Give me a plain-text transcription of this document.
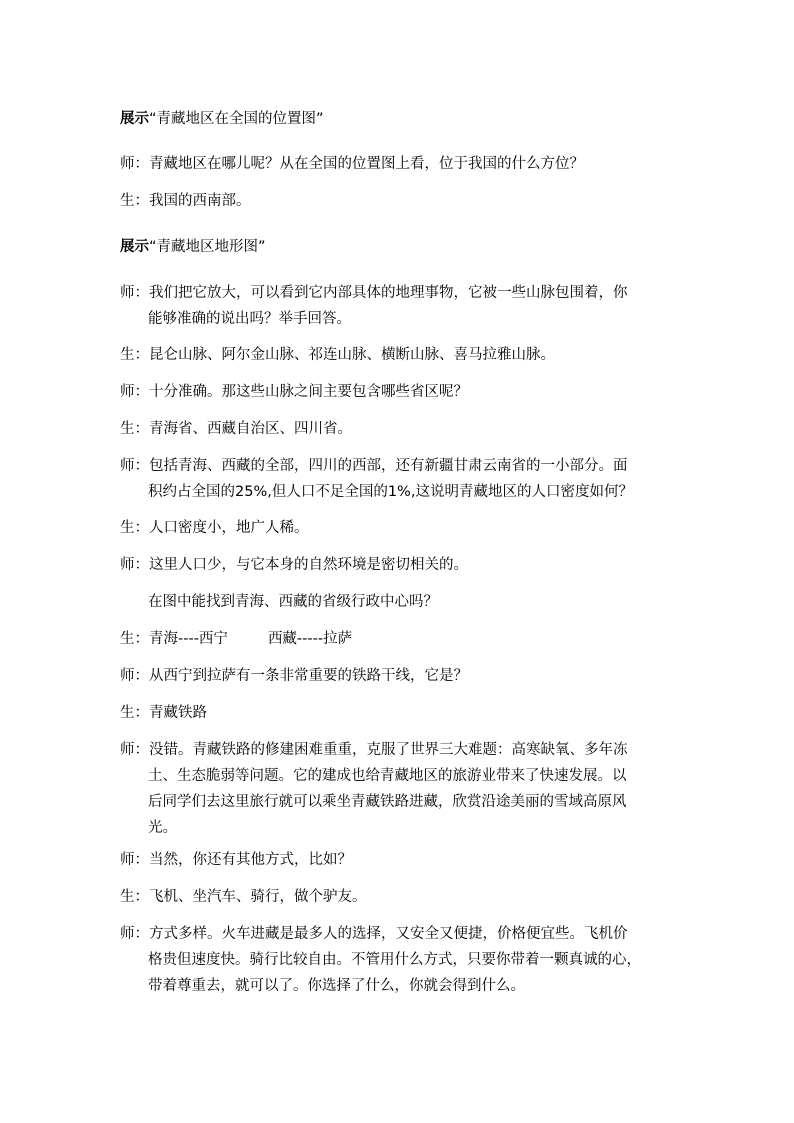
展示“青藏地区在全国的位置图”
师：青藏地区在哪儿呢？从在全国的位置图上看，位于我国的什么方位？
生：我国的西南部。
展示“青藏地区地形图”
师：我们把它放大，可以看到它内部具体的地理事物，它被一些山脉包围着，你
能够准确的说出吗？举手回答。
生：昆仑山脉、阿尔金山脉、祁连山脉、横断山脉、喜马拉雅山脉。
师：十分准确。那这些山脉之间主要包含哪些省区呢？
生：青海省、西藏自治区、四川省。
师：包括青海、西藏的全部，四川的西部，还有新疆甘肃云南省的一小部分。面
积约占全国的25%,但人口不足全国的1%,这说明青藏地区的人口密度如何？
生：人口密度小，地广人稀。
师：这里人口少，与它本身的自然环境是密切相关的。
在图中能找到青海、西藏的省级行政中心吗？
生：青海----西宁	西藏-----拉萨
师：从西宁到拉萨有一条非常重要的铁路干线，它是？
生：青藏铁路
师：没错。青藏铁路的修建困难重重，克服了世界三大难题：高寒缺氧、多年冻
土、生态脆弱等问题。它的建成也给青藏地区的旅游业带来了快速发展。以
后同学们去这里旅行就可以乘坐青藏铁路进藏，欣赏沿途美丽的雪域高原风
光。
师：当然，你还有其他方式，比如？
生：飞机、坐汽车、骑行，做个驴友。
师：方式多样。火车进藏是最多人的选择，又安全又便捷，价格便宜些。飞机价
格贵但速度快。骑行比较自由。不管用什么方式，只要你带着一颗真诚的心，
带着尊重去，就可以了。你选择了什么，你就会得到什么。
